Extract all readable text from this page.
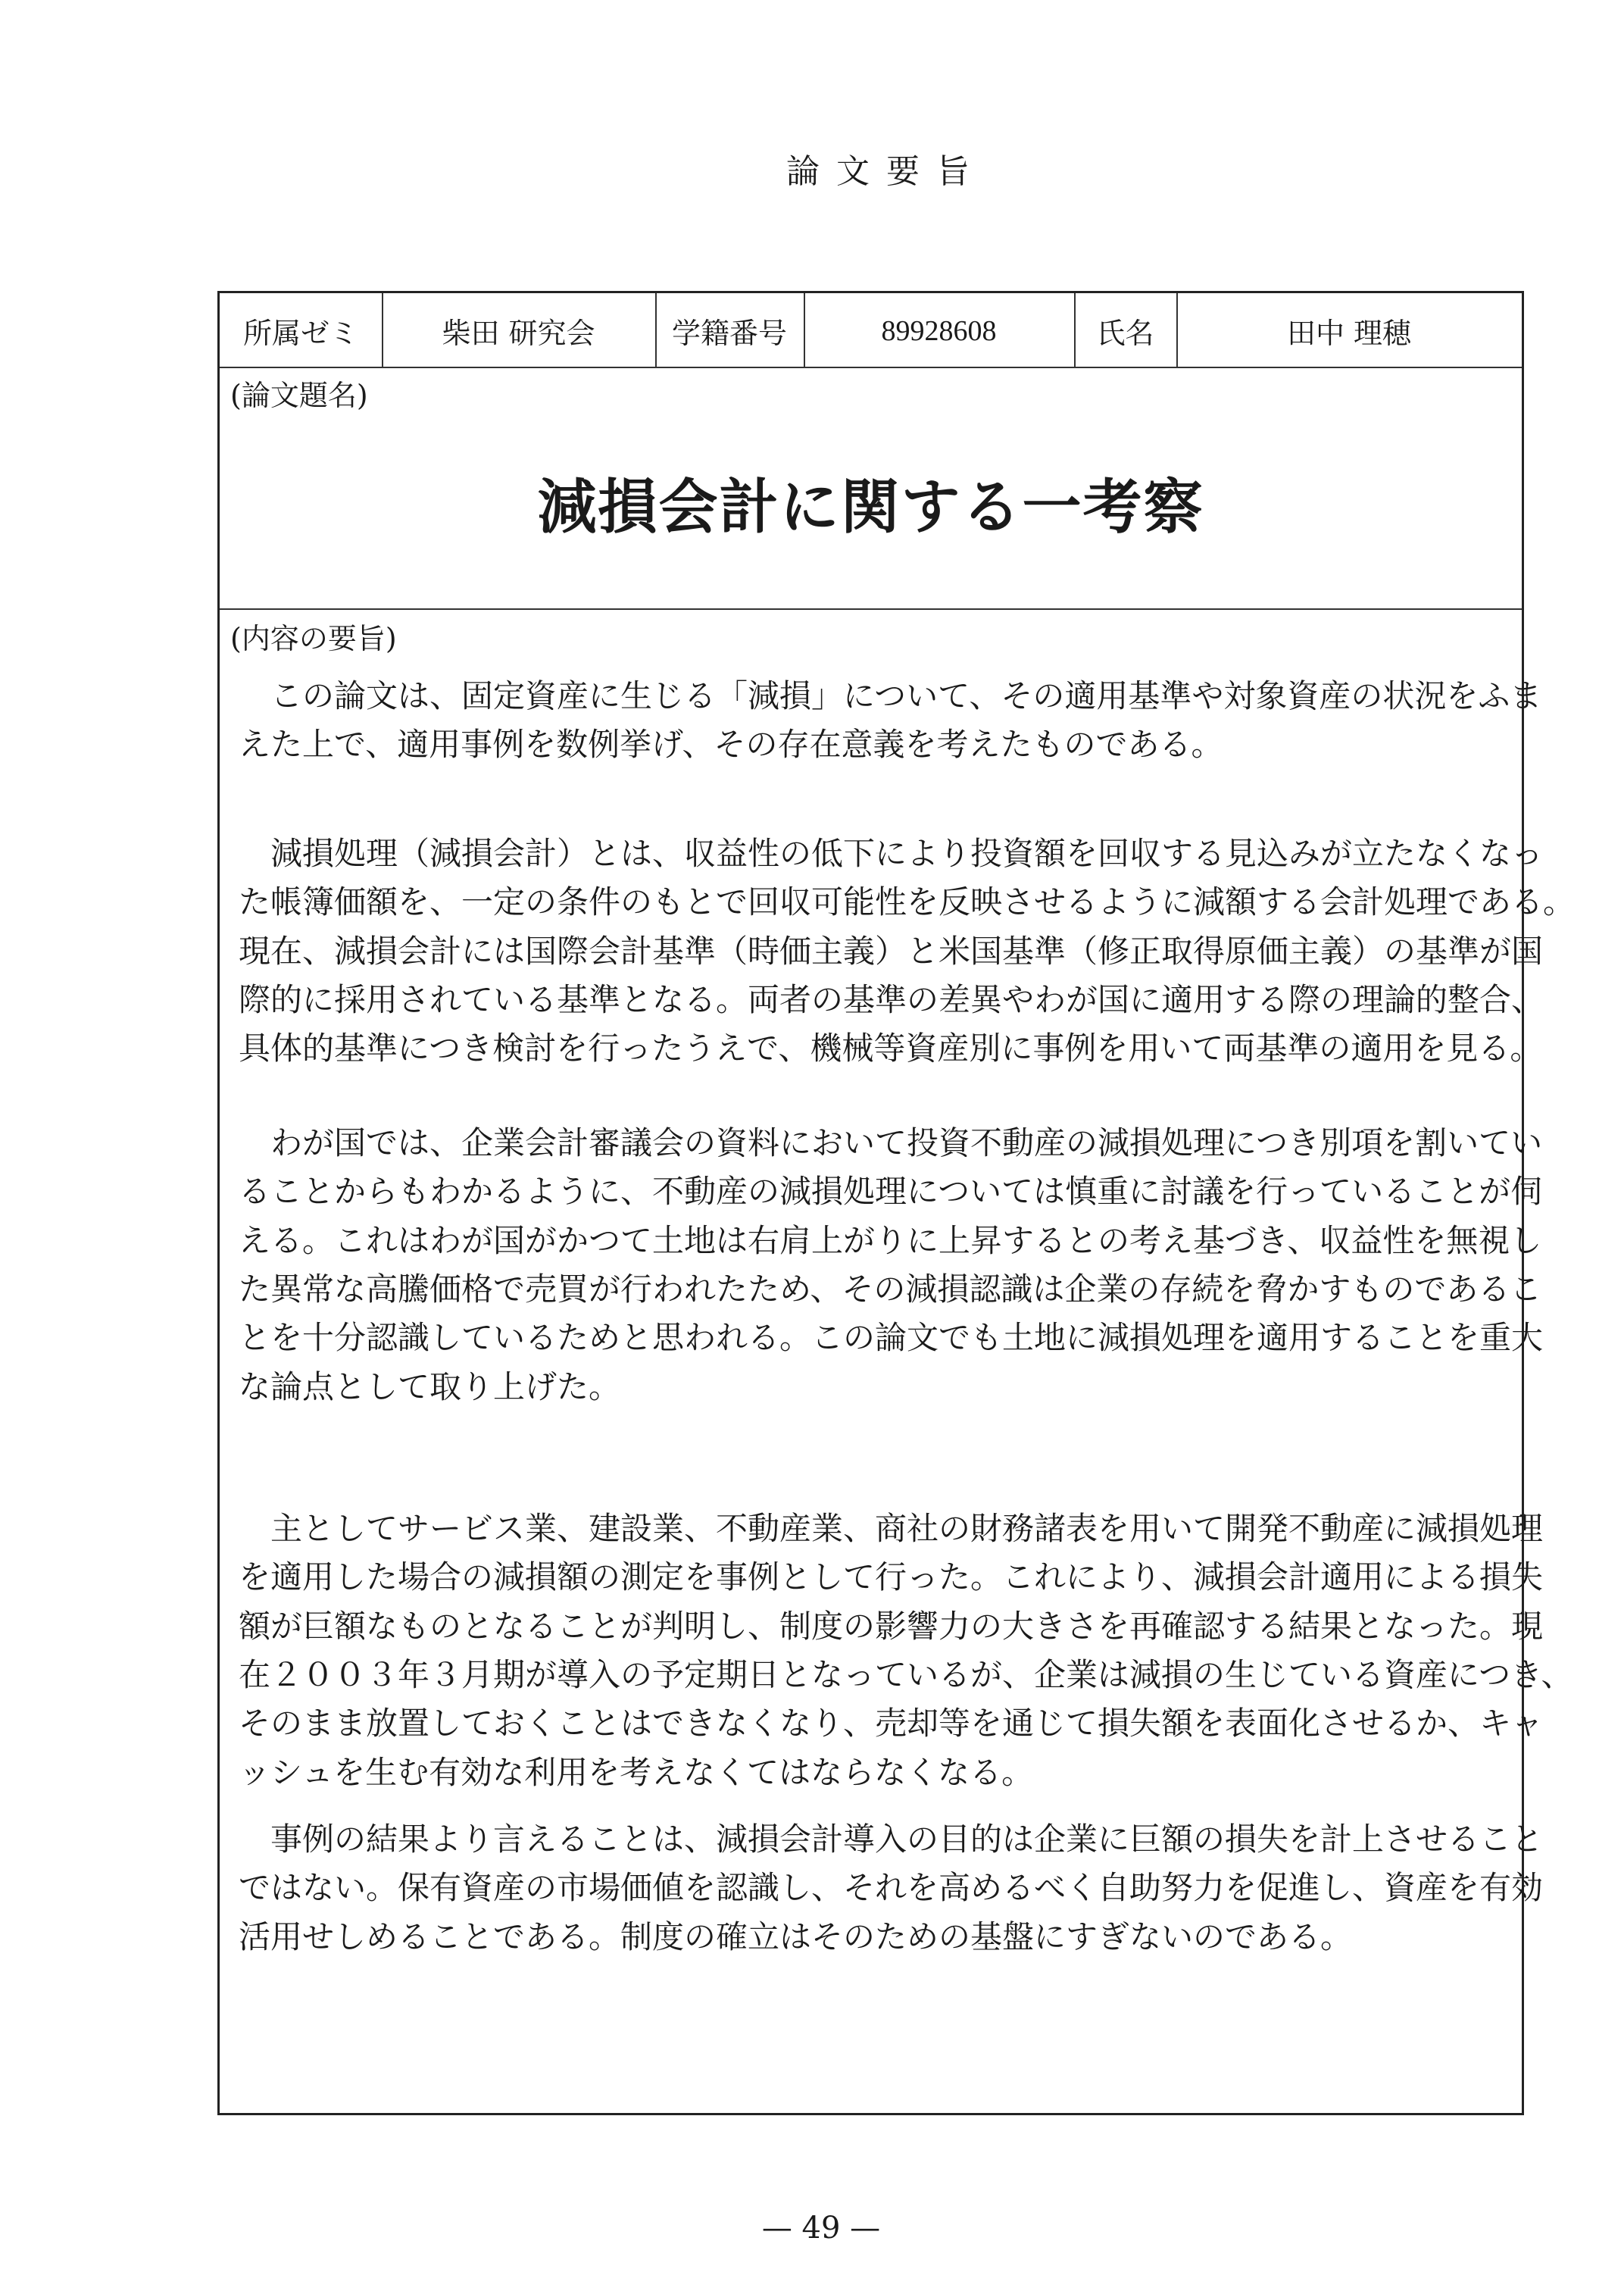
論文要旨
所属ゼミ	柴田 研究会	学籍番号	89928608	氏名	田中 理穂
(論文題名)
減損会計に関する一考察
(内容の要旨)
　この論文は、固定資産に生じる「減損」について、その適用基準や対象資産の状況をふま
えた上で、適用事例を数例挙げ、その存在意義を考えたものである。
　減損処理（減損会計）とは、収益性の低下により投資額を回収する見込みが立たなくなっ
た帳簿価額を、一定の条件のもとで回収可能性を反映させるように減額する会計処理である。
現在、減損会計には国際会計基準（時価主義）と米国基準（修正取得原価主義）の基準が国
際的に採用されている基準となる。両者の基準の差異やわが国に適用する際の理論的整合、
具体的基準につき検討を行ったうえで、機械等資産別に事例を用いて両基準の適用を見る。
　わが国では、企業会計審議会の資料において投資不動産の減損処理につき別項を割いてい
ることからもわかるように、不動産の減損処理については慎重に討議を行っていることが伺
える。これはわが国がかつて土地は右肩上がりに上昇するとの考え基づき、収益性を無視し
た異常な高騰価格で売買が行われたため、その減損認識は企業の存続を脅かすものであるこ
とを十分認識しているためと思われる。この論文でも土地に減損処理を適用することを重大
な論点として取り上げた。
　主としてサービス業、建設業、不動産業、商社の財務諸表を用いて開発不動産に減損処理
を適用した場合の減損額の測定を事例として行った。これにより、減損会計適用による損失
額が巨額なものとなることが判明し、制度の影響力の大きさを再確認する結果となった。現
在２００３年３月期が導入の予定期日となっているが、企業は減損の生じている資産につき、
そのまま放置しておくことはできなくなり、売却等を通じて損失額を表面化させるか、キャ
ッシュを生む有効な利用を考えなくてはならなくなる。
　事例の結果より言えることは、減損会計導入の目的は企業に巨額の損失を計上させること
ではない。保有資産の市場価値を認識し、それを高めるべく自助努力を促進し、資産を有効
活用せしめることである。制度の確立はそのための基盤にすぎないのである。
— 49 —
